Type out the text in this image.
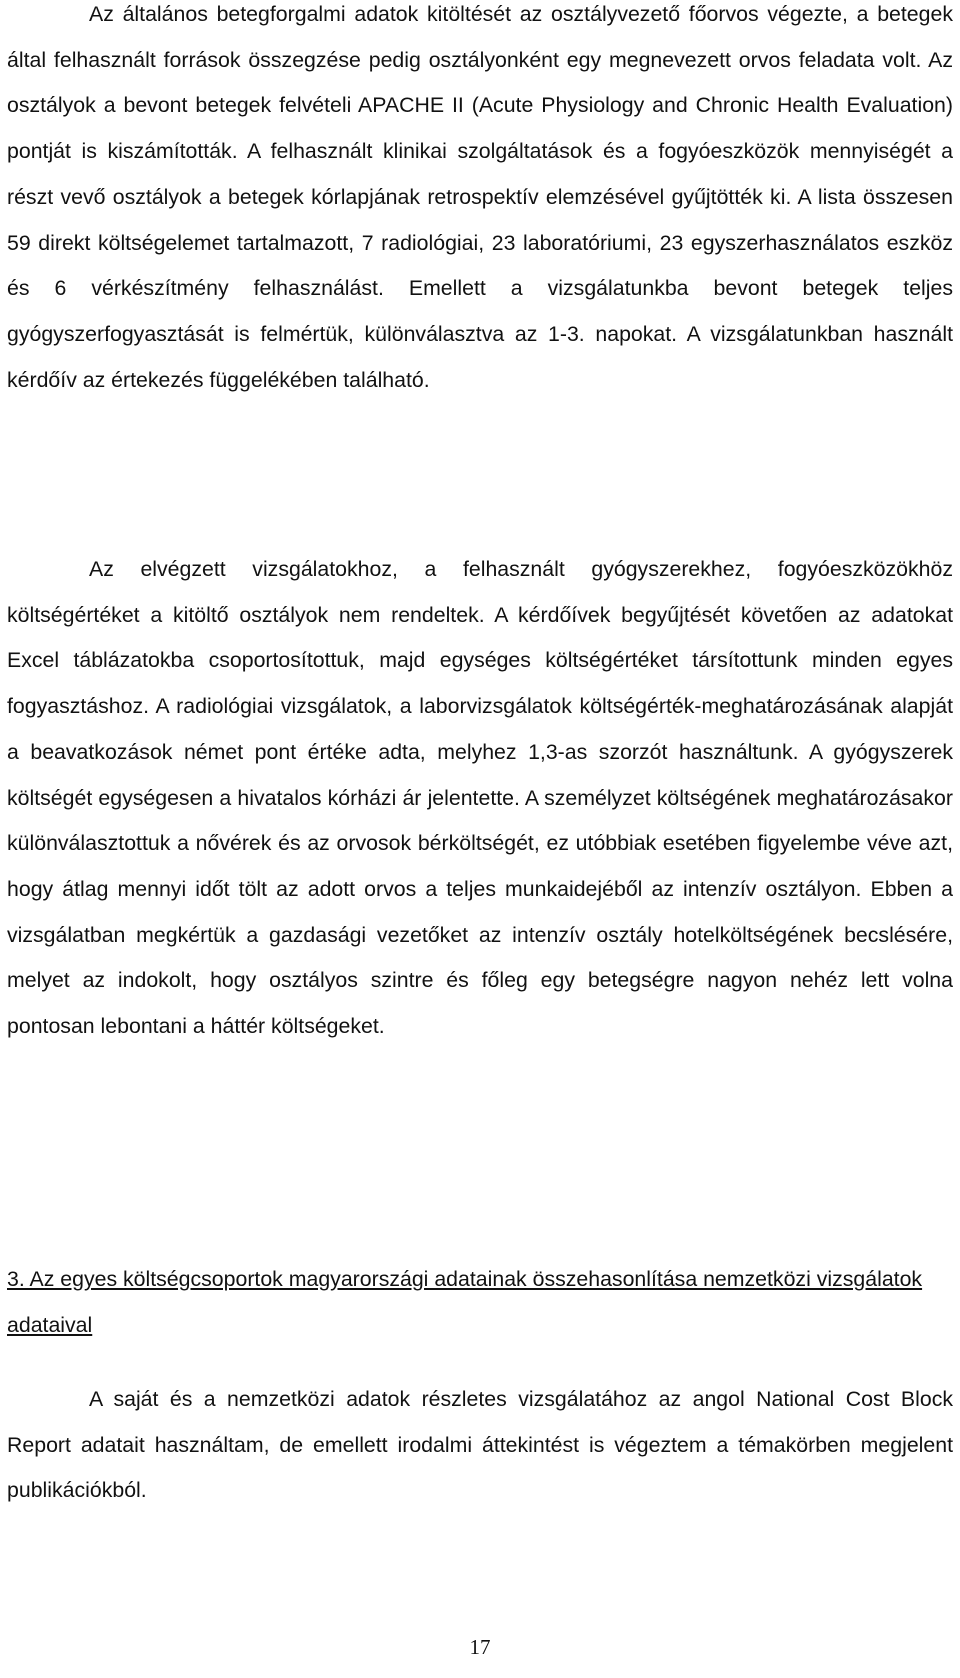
Az általános betegforgalmi adatok kitöltését az osztályvezető főorvos végezte, a betegek által felhasznált források összegzése pedig osztályonként egy megnevezett orvos feladata volt. Az osztályok a bevont betegek felvételi APACHE II (Acute Physiology and Chronic Health Evaluation) pontját is kiszámították. A felhasznált klinikai szolgáltatások és a fogyóeszközök mennyiségét a részt vevő osztályok a betegek kórlapjának retrospektív elemzésével gyűjtötték ki. A lista összesen 59 direkt költségelemet tartalmazott, 7 radiológiai, 23 laboratóriumi, 23 egyszerhasználatos eszköz és 6 vérkészítmény felhasználást. Emellett a vizsgálatunkba bevont betegek teljes gyógyszerfogyasztását is felmértük, különválasztva az 1-3. napokat. A vizsgálatunkban használt kérdőív az értekezés függelékében található.

Az elvégzett vizsgálatokhoz, a felhasznált gyógyszerekhez, fogyóeszközökhöz költségértéket a kitöltő osztályok nem rendeltek. A kérdőívek begyűjtését követően az adatokat Excel táblázatokba csoportosítottuk, majd egységes költségértéket társítottunk minden egyes fogyasztáshoz. A radiológiai vizsgálatok, a laborvizsgálatok költségérték-meghatározásának alapját a beavatkozások német pont értéke adta, melyhez 1,3-as szorzót használtunk. A gyógyszerek költségét egységesen a hivatalos kórházi ár jelentette. A személyzet költségének meghatározásakor különválasztottuk a nővérek és az orvosok bérköltségét, ez utóbbiak esetében figyelembe véve azt, hogy átlag mennyi időt tölt az adott orvos a teljes munkaidejéből az intenzív osztályon. Ebben a vizsgálatban megkértük a gazdasági vezetőket az intenzív osztály hotelköltségének becslésére, melyet az indokolt, hogy osztályos szintre és főleg egy betegségre nagyon nehéz lett volna pontosan lebontani a háttér költségeket.

3. Az egyes költségcsoportok magyarországi adatainak összehasonlítása nemzetközi vizsgálatok adataival

A saját és a nemzetközi adatok részletes vizsgálatához az angol National Cost Block Report adatait használtam, de emellett irodalmi áttekintést is végeztem a témakörben megjelent publikációkból.

17
